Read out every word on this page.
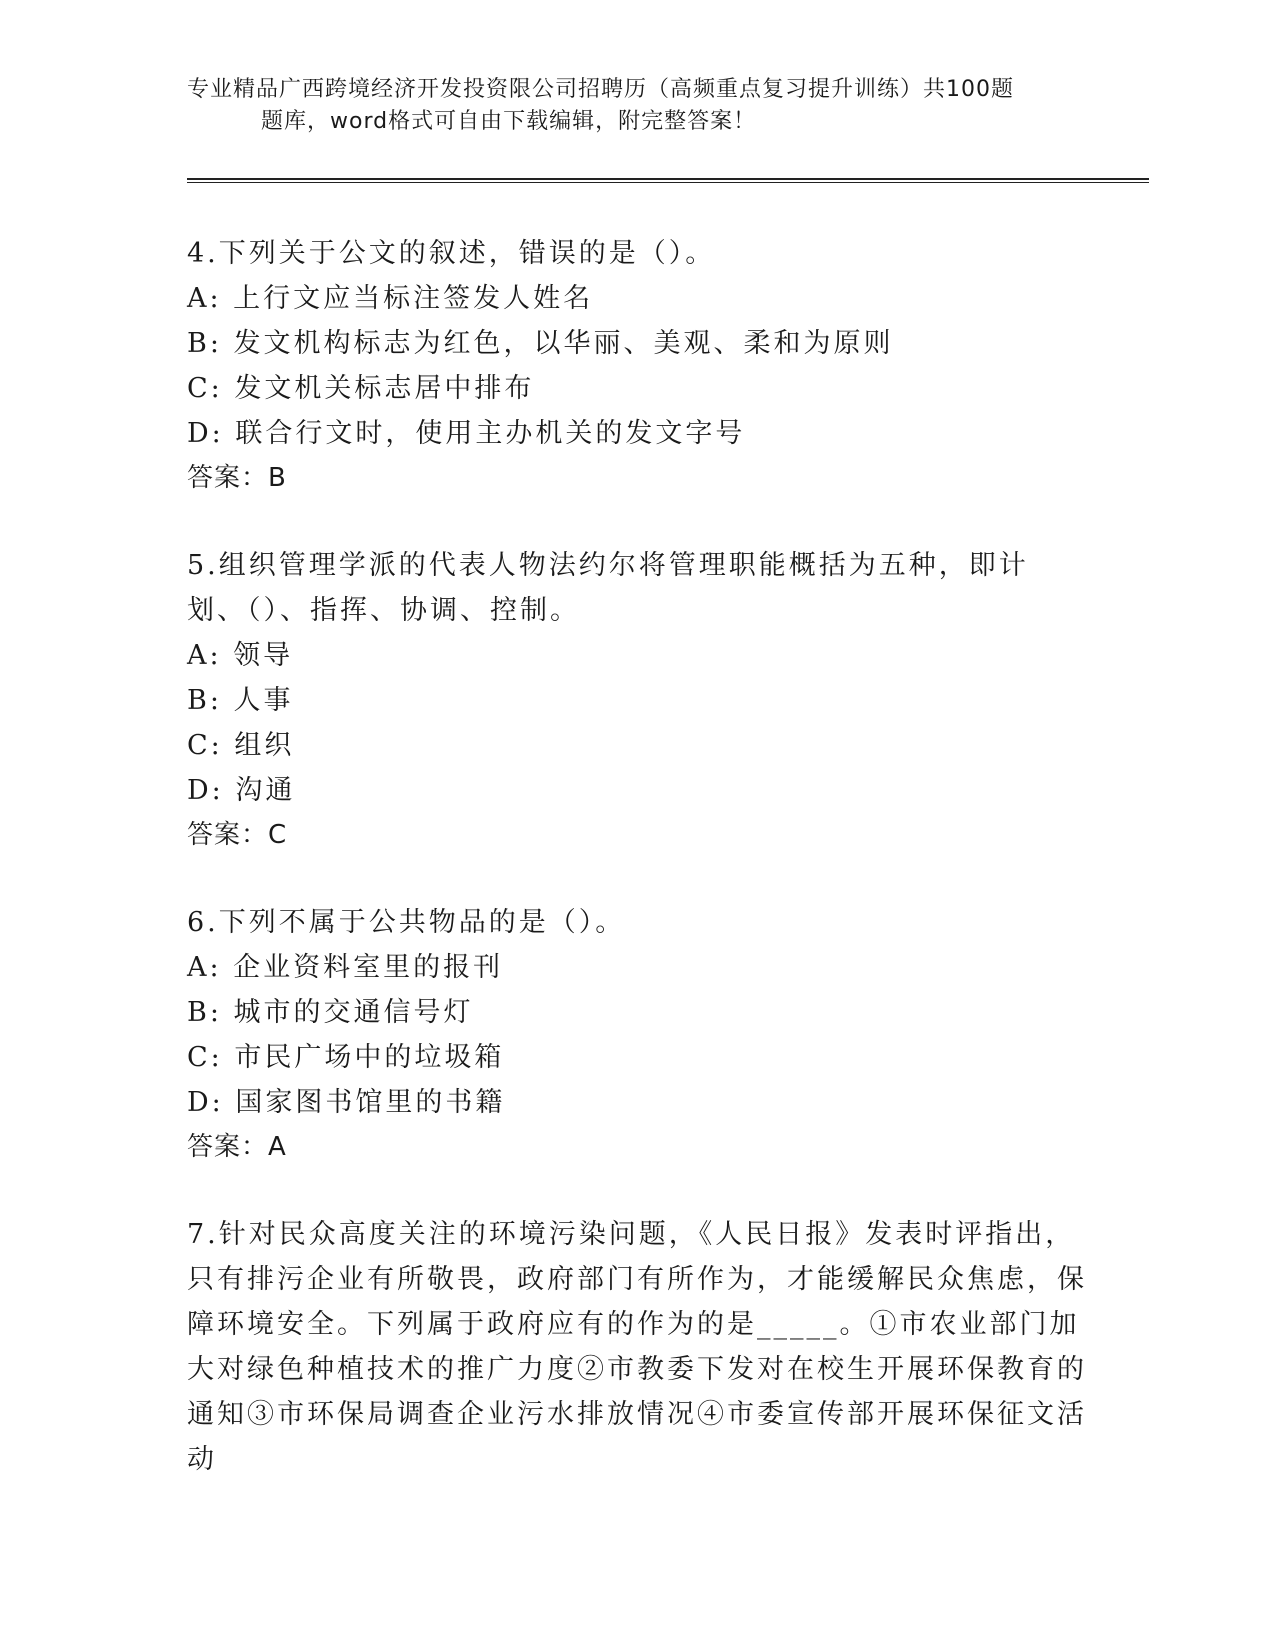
专业精品广西跨境经济开发投资限公司招聘历（高频重点复习提升训练）共100题
题库，word格式可自由下载编辑，附完整答案！

4.下列关于公文的叙述，错误的是（）。

A: 上行文应当标注签发人姓名

B: 发文机构标志为红色，以华丽、美观、柔和为原则

C: 发文机关标志居中排布

D: 联合行文时，使用主办机关的发文字号

答案：B

5.组织管理学派的代表人物法约尔将管理职能概括为五种，即计划、（）、指挥、协调、控制。

A: 领导

B: 人事

C: 组织

D: 沟通

答案：C

6.下列不属于公共物品的是（）。

A: 企业资料室里的报刊

B: 城市的交通信号灯

C: 市民广场中的垃圾箱

D: 国家图书馆里的书籍

答案：A

7.针对民众高度关注的环境污染问题，《人民日报》发表时评指出，只有排污企业有所敬畏，政府部门有所作为，才能缓解民众焦虑，保障环境安全。下列属于政府应有的作为的是_____。①市农业部门加大对绿色种植技术的推广力度②市教委下发对在校生开展环保教育的通知③市环保局调查企业污水排放情况④市委宣传部开展环保征文活动
